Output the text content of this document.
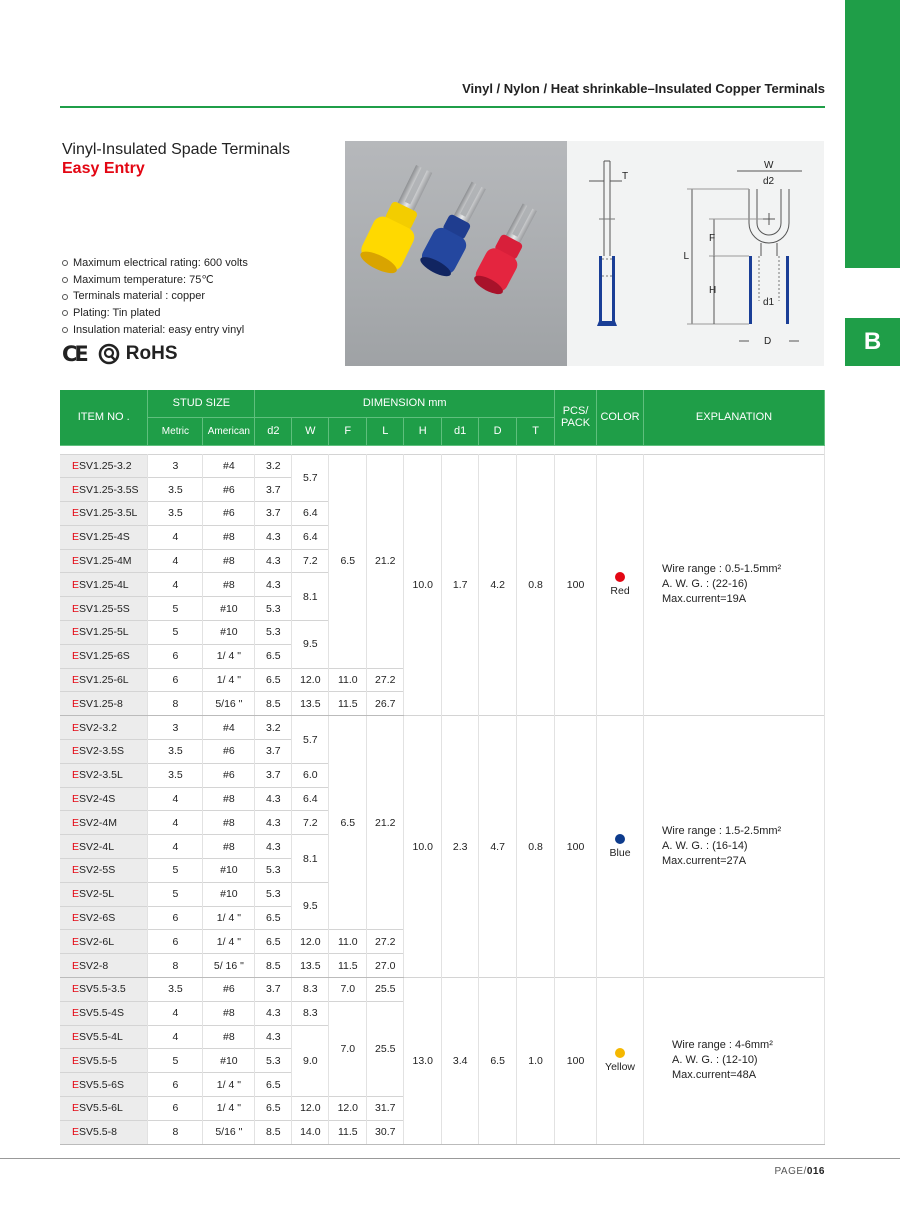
B
Vinyl / Nylon / Heat shrinkable–Insulated Copper Terminals
Vinyl-Insulated Spade Terminals
Easy Entry
Maximum electrical rating: 600 volts
Maximum temperature: 75℃
Terminals material : copper
Plating: Tin plated
Insulation material: easy entry vinyl
CE RoHS
T
W
d2
L
F
H
d1
D
ITEM NO .	STUD SIZE		DIMENSION mm								PCS/
PACK	COLOR	EXPLANATION
	Metric	American	d2	W	F	L	H	d1	D	T			

ESV1.25-3.2	3	#4	3.2	5.7	6.5	21.2	10.0	1.7	4.2	0.8	100	Red	Wire range : 0.5-1.5mm²
A. W. G. : (22-16)
Max.current=19A
ESV1.25-3.5S	3.5	#6	3.7										
ESV1.25-3.5L	3.5	#6	3.7	6.4									
ESV1.25-4S	4	#8	4.3	6.4									
ESV1.25-4M	4	#8	4.3	7.2									
ESV1.25-4L	4	#8	4.3	8.1									
ESV1.25-5S	5	#10	5.3										
ESV1.25-5L	5	#10	5.3	9.5									
ESV1.25-6S	6	1/ 4 "	6.5										
ESV1.25-6L	6	1/ 4 "	6.5	12.0	11.0	27.2							
ESV1.25-8	8	5/16 "	8.5	13.5	11.5	26.7							
ESV2-3.2	3	#4	3.2	5.7	6.5	21.2	10.0	2.3	4.7	0.8	100	Blue	Wire range : 1.5-2.5mm²
A. W. G. : (16-14)
Max.current=27A
ESV2-3.5S	3.5	#6	3.7										
ESV2-3.5L	3.5	#6	3.7	6.0									
ESV2-4S	4	#8	4.3	6.4									
ESV2-4M	4	#8	4.3	7.2									
ESV2-4L	4	#8	4.3	8.1									
ESV2-5S	5	#10	5.3										
ESV2-5L	5	#10	5.3	9.5									
ESV2-6S	6	1/ 4 "	6.5										
ESV2-6L	6	1/ 4 "	6.5	12.0	11.0	27.2							
ESV2-8	8	5/ 16 "	8.5	13.5	11.5	27.0							
ESV5.5-3.5	3.5	#6	3.7	8.3	7.0	25.5	13.0	3.4	6.5	1.0	100	Yellow	Wire range : 4-6mm²
A. W. G. : (12-10)
Max.current=48A
ESV5.5-4S	4	#8	4.3	8.3	7.0	25.5							
ESV5.5-4L	4	#8	4.3	9.0									
ESV5.5-5	5	#10	5.3										
ESV5.5-6S	6	1/ 4 "	6.5										
ESV5.5-6L	6	1/ 4 "	6.5	12.0	12.0	31.7							
ESV5.5-8	8	5/16 "	8.5	14.0	11.5	30.7							
PAGE/016
